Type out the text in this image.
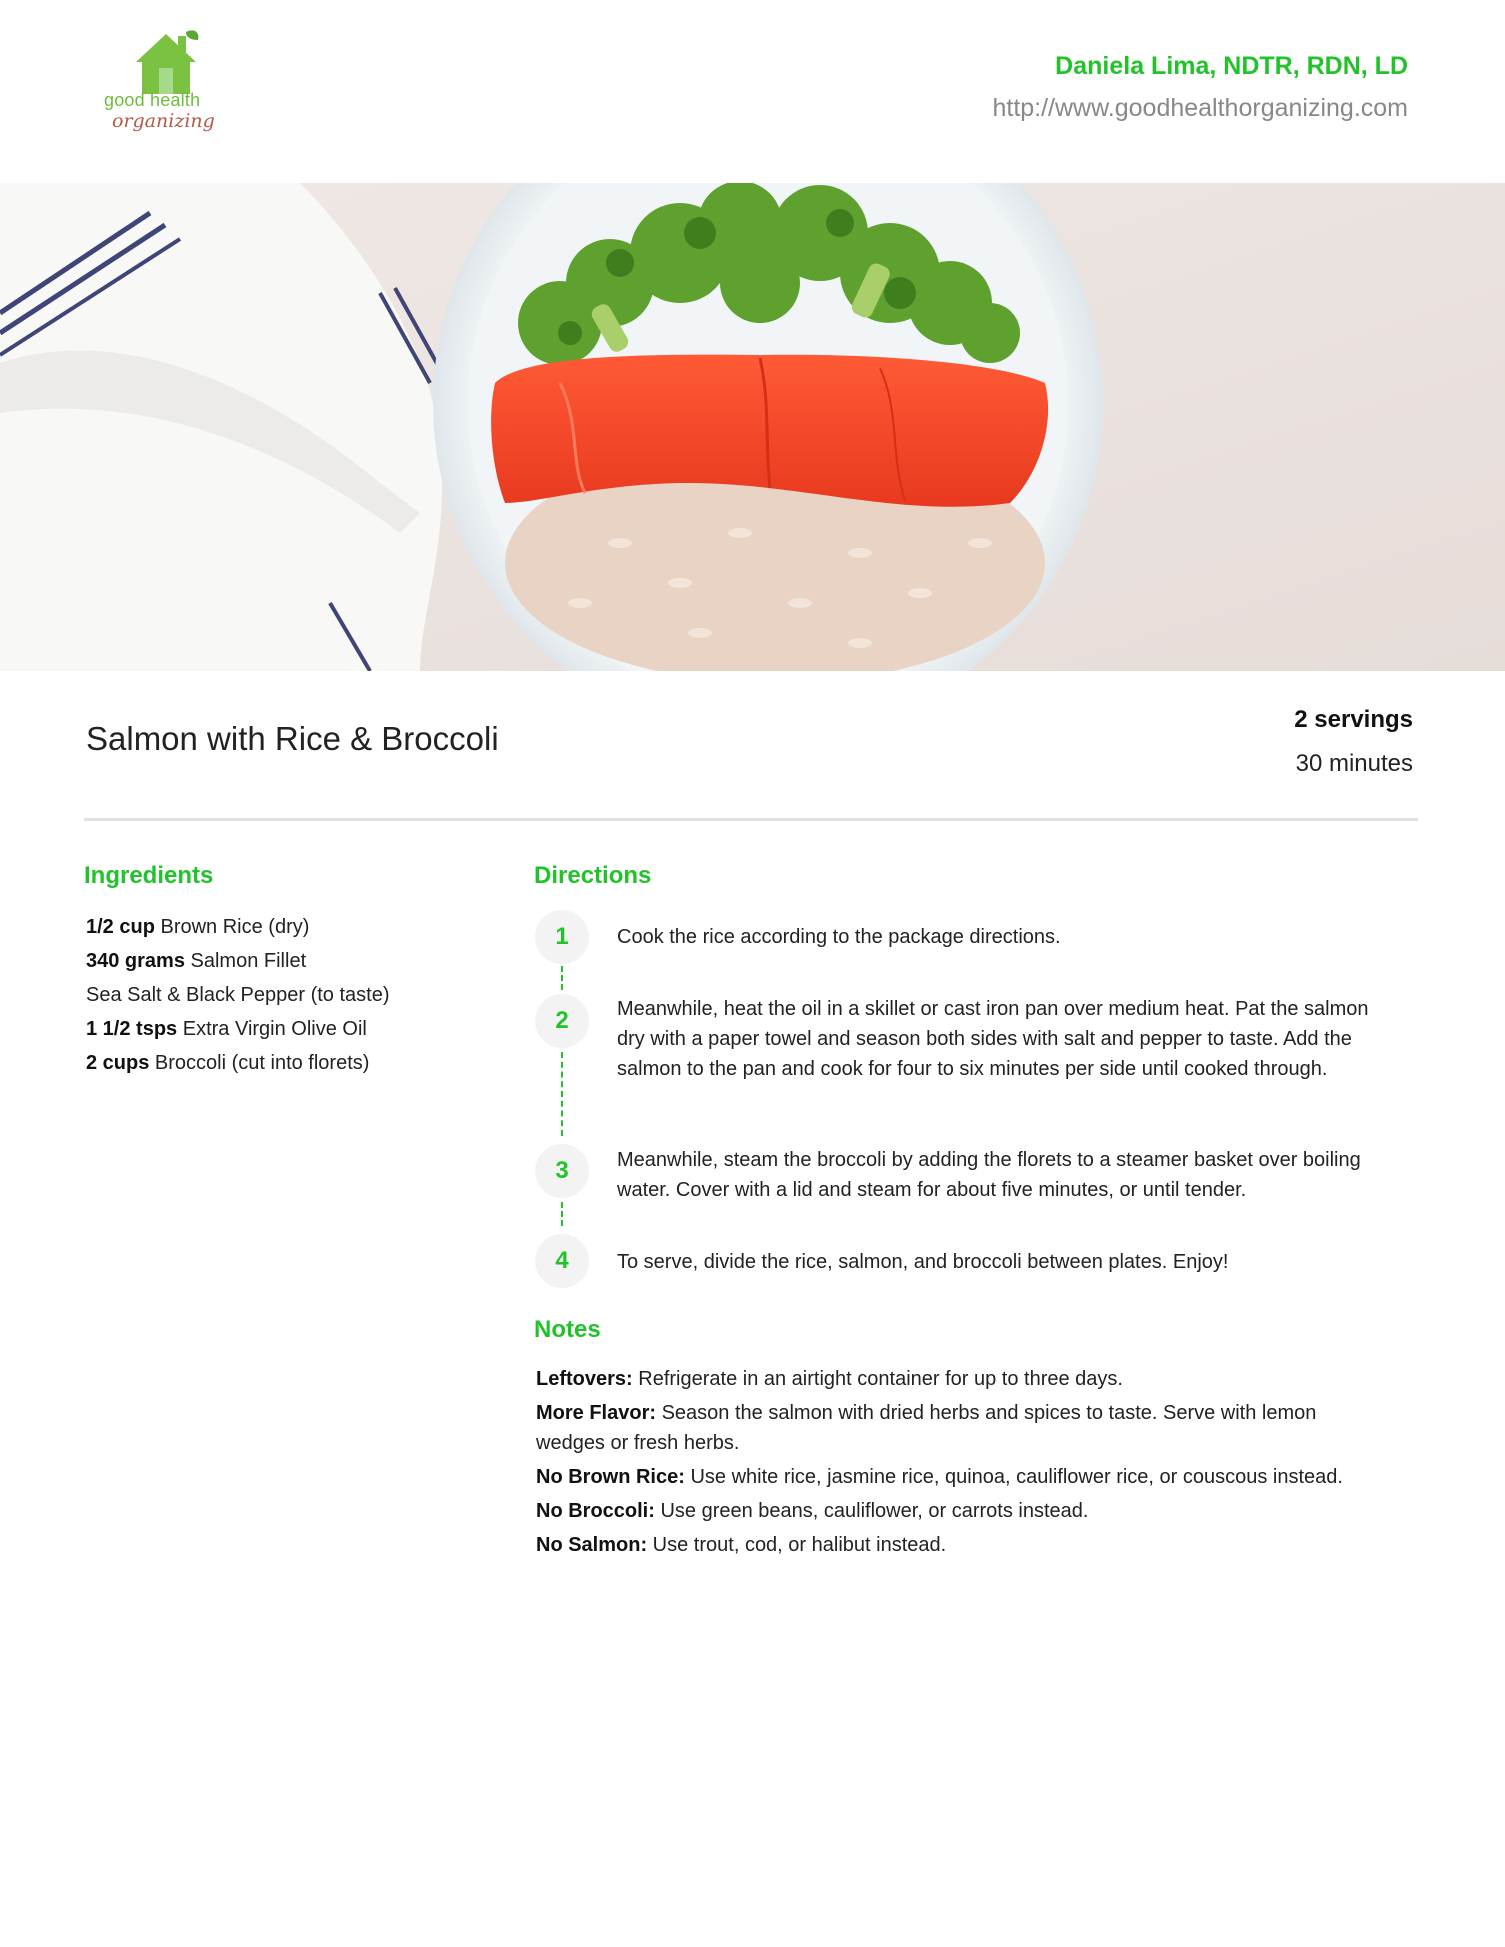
good health
organizing
Daniela Lima, NDTR, RDN, LD
http://www.goodhealthorganizing.com
Salmon with Rice & Broccoli
2 servings
30 minutes
Ingredients
1/2 cup Brown Rice (dry)
340 grams Salmon Fillet
Sea Salt & Black Pepper (to taste)
1 1/2 tsps Extra Virgin Olive Oil
2 cups Broccoli (cut into florets)
Directions
1	Cook the rice according to the package directions.
2	Meanwhile, heat the oil in a skillet or cast iron pan over medium heat. Pat the salmon dry with a paper towel and season both sides with salt and pepper to taste. Add the salmon to the pan and cook for four to six minutes per side until cooked through.
3	Meanwhile, steam the broccoli by adding the florets to a steamer basket over boiling water. Cover with a lid and steam for about five minutes, or until tender.
4	To serve, divide the rice, salmon, and broccoli between plates. Enjoy!
Notes
Leftovers: Refrigerate in an airtight container for up to three days.
More Flavor: Season the salmon with dried herbs and spices to taste. Serve with lemon wedges or fresh herbs.
No Brown Rice: Use white rice, jasmine rice, quinoa, cauliflower rice, or couscous instead.
No Broccoli: Use green beans, cauliflower, or carrots instead.
No Salmon: Use trout, cod, or halibut instead.
